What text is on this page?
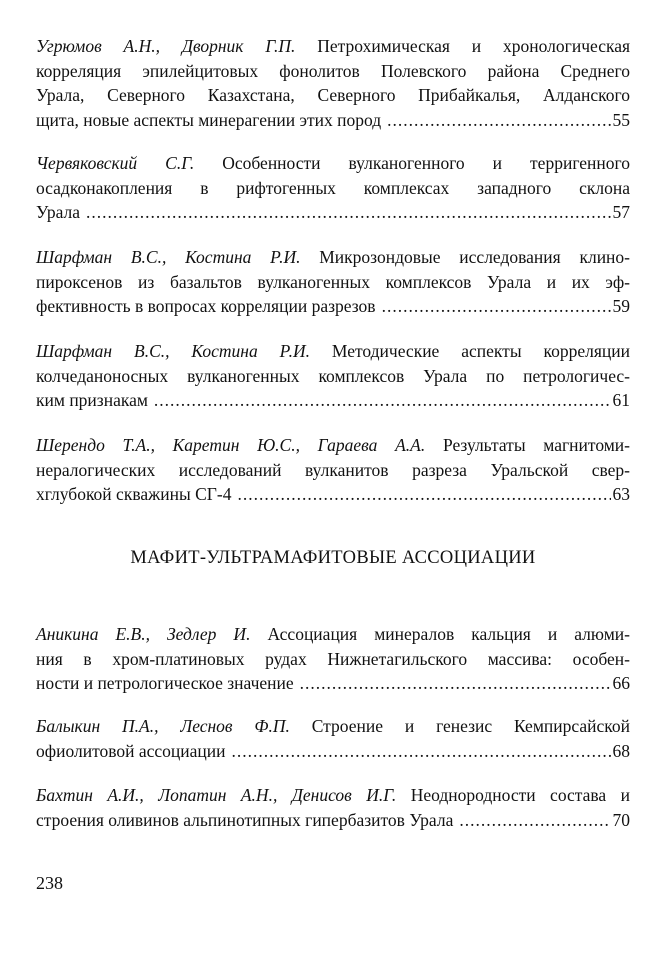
Угрюмов А.Н., Дворник Г.П. Петрохимическая и хронологическая
корреляция эпилейцитовых фонолитов Полевского района Среднего
Урала, Северного Казахстана, Северного Прибайкалья, Алданского
щита, новые аспекты минерагении этих пород .....	55
Червяковский С.Г. Особенности вулканогенного и терригенного
осадконакопления в рифтогенных комплексах западного склона
Урала .....	57
Шарфман В.С., Костина Р.И. Микрозондовые исследования клино-
пироксенов из базальтов вулканогенных комплексов Урала и их эф-
фективность в вопросах корреляции разрезов .....	59
Шарфман В.С., Костина Р.И. Методические аспекты корреляции
колчеданоносных вулканогенных комплексов Урала по петрологичес-
ким признакам .....	61
Шерендо Т.А., Каретин Ю.С., Гараева А.А. Результаты магнитоми-
нералогических исследований вулканитов разреза Уральской свер-
хглубокой скважины СГ-4 .....	63
МАФИТ-УЛЬТРАМАФИТОВЫЕ АССОЦИАЦИИ
Аникина Е.В., Зедлер И. Ассоциация минералов кальция и алюми-
ния в хром-платиновых рудах Нижнетагильского массива: особен-
ности и петрологическое значение .....	66
Балыкин П.А., Леснов Ф.П. Строение и генезис Кемпирсайской
офиолитовой ассоциации .....	68
Бахтин А.И., Лопатин А.Н., Денисов И.Г. Неоднородности состава и
строения оливинов альпинотипных гипербазитов Урала .....	70
238
